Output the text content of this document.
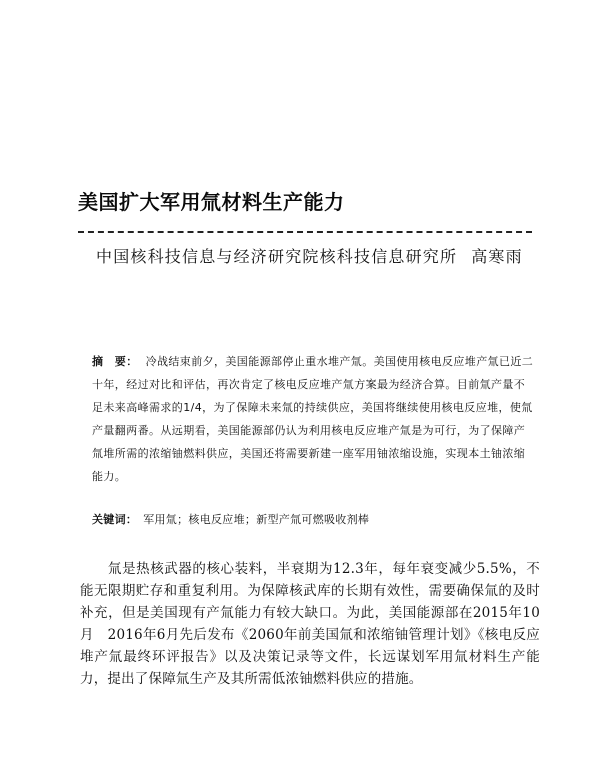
美国扩大军用氚材料生产能力
中国核科技信息与经济研究院核科技信息研究所 高寒雨
摘　要： 冷战结束前夕，美国能源部停止重水堆产氚。美国使用核电反应堆产氚已近二十年，经过对比和评估，再次肯定了核电反应堆产氚方案最为经济合算。目前氚产量不足未来高峰需求的1/4，为了保障未来氚的持续供应，美国将继续使用核电反应堆，使氚产量翻两番。从远期看，美国能源部仍认为利用核电反应堆产氚是为可行，为了保障产氚堆所需的浓缩铀燃料供应，美国还将需要新建一座军用铀浓缩设施，实现本土铀浓缩能力。
关键词： 军用氚；核电反应堆；新型产氚可燃吸收剂棒
氚是热核武器的核心装料，半衰期为12.3年，每年衰变减少5.5%，不能无限期贮存和重复利用。为保障核武库的长期有效性，需要确保氚的及时补充，但是美国现有产氚能力有较大缺口。为此，美国能源部在2015年10月　2016年6月先后发布《2060年前美国氚和浓缩铀管理计划》《核电反应堆产氚最终环评报告》以及决策记录等文件，长远谋划军用氚材料生产能力，提出了保障氚生产及其所需低浓铀燃料供应的措施。
